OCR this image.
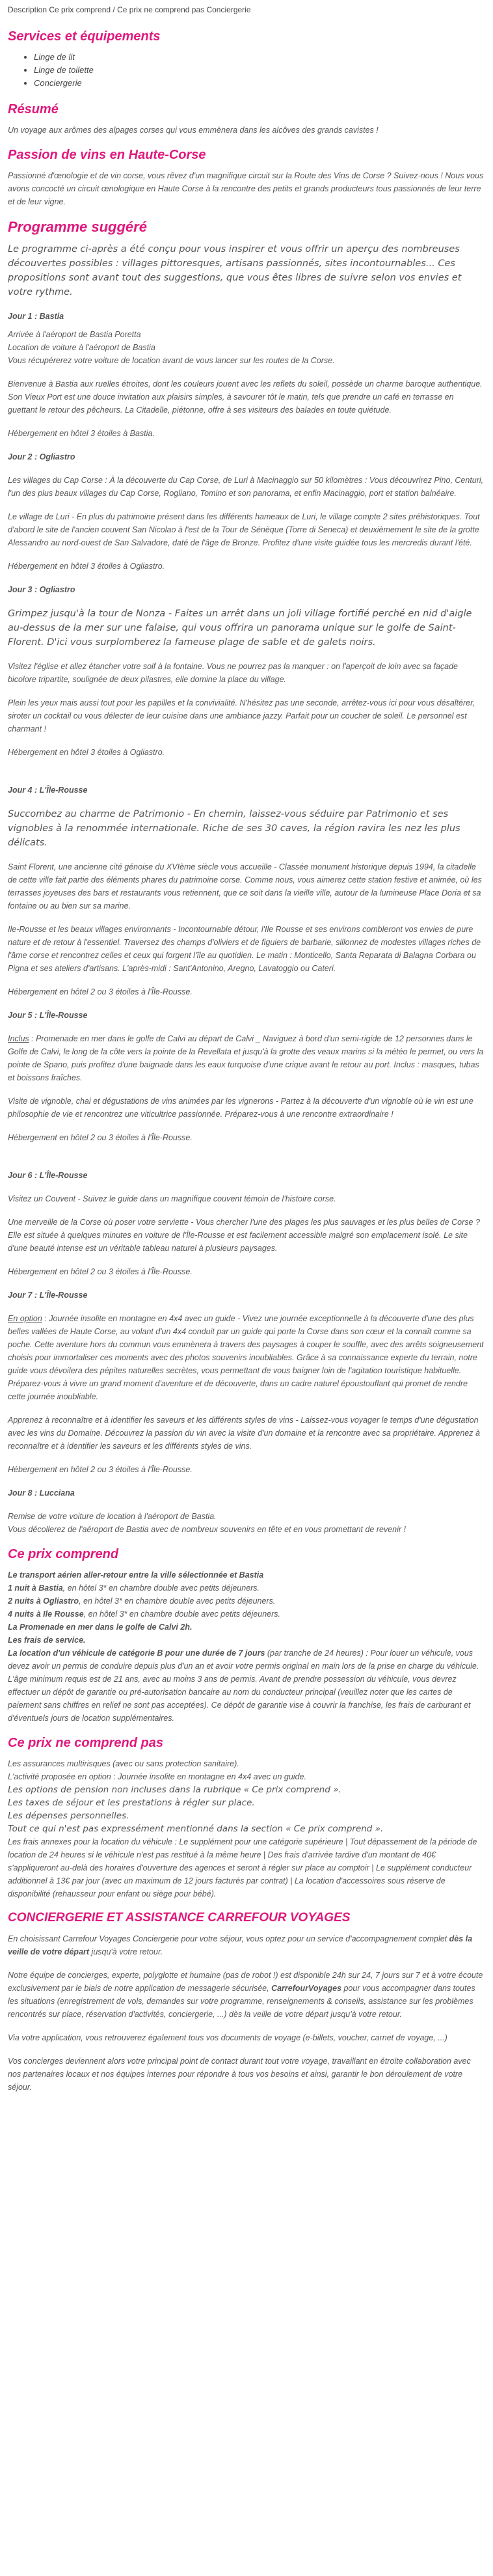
Description Ce prix comprend / Ce prix ne comprend pas Conciergerie
Services et équipements
• Linge de lit
• Linge de toilette
• Conciergerie
Résumé

Un voyage aux arômes des alpages corses qui vous emmènera dans les alcôves des grands cavistes !

Passion de vins en Haute-Corse

Passionné d'œnologie et de vin corse, vous rêvez d'un magnifique circuit sur la Route des Vins de Corse ? Suivez-nous ! Nous vous avons concocté un circuit œnologique en Haute Corse à la rencontre des petits et grands producteurs tous passionnés de leur terre et de leur vigne.

Programme suggéré

Le programme ci-après a été conçu pour vous inspirer et vous offrir un aperçu des nombreuses découvertes possibles : villages pittoresques, artisans passionnés, sites incontournables... Ces propositions sont avant tout des suggestions, que vous êtes libres de suivre selon vos envies et votre rythme.

Jour 1 : Bastia

Arrivée à l'aéroport de Bastia Poretta

Location de voiture à l'aéroport de Bastia

Vous récupérerez votre voiture de location avant de vous lancer sur les routes de la Corse.

Bienvenue à Bastia aux ruelles étroites, dont les couleurs jouent avec les reflets du soleil, possède un charme baroque authentique. Son Vieux Port est une douce invitation aux plaisirs simples, à savourer tôt le matin, tels que prendre un café en terrasse en guettant le retour des pêcheurs. La Citadelle, piétonne, offre à ses visiteurs des balades en toute quiétude.

Hébergement en hôtel 3 étoiles à Bastia.

Jour 2 : Ogliastro

Les villages du Cap Corse : À la découverte du Cap Corse, de Luri à Macinaggio sur 50 kilomètres : Vous découvrirez Pino, Centuri, l'un des plus beaux villages du Cap Corse, Rogliano, Tomino et son panorama, et enfin Macinaggio, port et station balnéaire.

Le village de Luri - En plus du patrimoine présent dans les différents hameaux de Luri, le village compte 2 sites préhistoriques. Tout d'abord le site de l'ancien couvent San Nicolao à l'est de la Tour de Sénèque (Torre di Seneca) et deuxièmement le site de la grotte Alessandro au nord-ouest de San Salvadore, daté de l'âge de Bronze. Profitez d'une visite guidée tous les mercredis durant l'été.

Hébergement en hôtel 3 étoiles à Ogliastro.

Jour 3 : Ogliastro

Grimpez jusqu'à la tour de Nonza - Faites un arrêt dans un joli village fortifié perché en nid d'aigle au-dessus de la mer sur une falaise, qui vous offrira un panorama unique sur le golfe de Saint-Florent. D'ici vous surplomberez la fameuse plage de sable et de galets noirs.

Visitez l'église et allez étancher votre soif à la fontaine. Vous ne pourrez pas la manquer : on l'aperçoit de loin avec sa façade bicolore tripartite, soulignée de deux pilastres, elle domine la place du village.

Plein les yeux mais aussi tout pour les papilles et la convivialité. N'hésitez pas une seconde, arrêtez-vous ici pour vous désaltérer, siroter un cocktail ou vous délecter de leur cuisine dans une ambiance jazzy. Parfait pour un coucher de soleil. Le personnel est charmant !

Hébergement en hôtel 3 étoiles à Ogliastro.

Jour 4 : L'Île-Rousse

Succombez au charme de Patrimonio - En chemin, laissez-vous séduire par Patrimonio et ses vignobles à la renommée internationale. Riche de ses 30 caves, la région ravira les nez les plus délicats.

Saint Florent, une ancienne cité génoise du XVIème siècle vous accueille - Classée monument historique depuis 1994, la citadelle de cette ville fait partie des éléments phares du patrimoine corse. Comme nous, vous aimerez cette station festive et animée, où les terrasses joyeuses des bars et restaurants vous retiennent, que ce soit dans la vieille ville, autour de la lumineuse Place Doria et sa fontaine ou au bien sur sa marine.

Ile-Rousse et les beaux villages environnants - Incontournable détour, l'Ile Rousse et ses environs combleront vos envies de pure nature et de retour à l'essentiel. Traversez des champs d'oliviers et de figuiers de barbarie, sillonnez de modestes villages riches de l'âme corse et rencontrez celles et ceux qui forgent l'île au quotidien. Le matin : Monticello, Santa Reparata di Balagna Corbara ou Pigna et ses ateliers d'artisans. L'après-midi : Sant'Antonino, Aregno, Lavatoggio ou Cateri.

Hébergement en hôtel 2 ou 3 étoiles à l'Île-Rousse.

Jour 5 : L'Île-Rousse

Inclus : Promenade en mer dans le golfe de Calvi au départ de Calvi _ Naviguez à bord d'un semi-rigide de 12 personnes dans le Golfe de Calvi, le long de la côte vers la pointe de la Revellata et jusqu'à la grotte des veaux marins si la météo le permet, ou vers la pointe de Spano, puis profitez d'une baignade dans les eaux turquoise d'une crique avant le retour au port. Inclus : masques, tubas et boissons fraîches.

Visite de vignoble, chai et dégustations de vins animées par les vignerons - Partez à la découverte d'un vignoble où le vin est une philosophie de vie et rencontrez une viticultrice passionnée. Préparez-vous à une rencontre extraordinaire !

Hébergement en hôtel 2 ou 3 étoiles à l'Île-Rousse.

Jour 6 : L'Île-Rousse

Visitez un Couvent - Suivez le guide dans un magnifique couvent témoin de l'histoire corse.

Une merveille de la Corse où poser votre serviette - Vous chercher l'une des plages les plus sauvages et les plus belles de Corse ? Elle est située à quelques minutes en voiture de l'Île-Rousse et est facilement accessible malgré son emplacement isolé. Le site d'une beauté intense est un véritable tableau naturel à plusieurs paysages.

Hébergement en hôtel 2 ou 3 étoiles à l'Île-Rousse.

Jour 7 : L'Île-Rousse

En option : Journée insolite en montagne en 4x4 avec un guide - Vivez une journée exceptionnelle à la découverte d'une des plus belles vallées de Haute Corse, au volant d'un 4x4 conduit par un guide qui porte la Corse dans son cœur et la connaît comme sa poche. Cette aventure hors du commun vous emmènera à travers des paysages à couper le souffle, avec des arrêts soigneusement choisis pour immortaliser ces moments avec des photos souvenirs inoubliables. Grâce à sa connaissance experte du terrain, notre guide vous dévoilera des pépites naturelles secrètes, vous permettant de vous baigner loin de l'agitation touristique habituelle. Préparez-vous à vivre un grand moment d'aventure et de découverte, dans un cadre naturel époustouflant qui promet de rendre cette journée inoubliable.

Apprenez à reconnaître et à identifier les saveurs et les différents styles de vins - Laissez-vous voyager le temps d'une dégustation avec les vins du Domaine. Découvrez la passion du vin avec la visite d'un domaine et la rencontre avec sa propriétaire. Apprenez à reconnaître et à identifier les saveurs et les différents styles de vins.

Hébergement en hôtel 2 ou 3 étoiles à l'Île-Rousse.

Jour 8 : Lucciana

Remise de votre voiture de location à l'aéroport de Bastia.

Vous décollerez de l'aéroport de Bastia avec de nombreux souvenirs en tête et en vous promettant de revenir !

Ce prix comprend

Le transport aérien aller-retour entre la ville sélectionnée et Bastia

1 nuit à Bastia, en hôtel 3* en chambre double avec petits déjeuners.

2 nuits à Ogliastro, en hôtel 3* en chambre double avec petits déjeuners.

4 nuits à Ile Rousse, en hôtel 3* en chambre double avec petits déjeuners.

La Promenade en mer dans le golfe de Calvi 2h.

Les frais de service.

La location d'un véhicule de catégorie B pour une durée de 7 jours (par tranche de 24 heures) : Pour louer un véhicule, vous devez avoir un permis de conduire depuis plus d'un an et avoir votre permis original en main lors de la prise en charge du véhicule. L'âge minimum requis est de 21 ans, avec au moins 3 ans de permis. Avant de prendre possession du véhicule, vous devrez effectuer un dépôt de garantie ou pré-autorisation bancaire au nom du conducteur principal (veuillez noter que les cartes de paiement sans chiffres en relief ne sont pas acceptées). Ce dépôt de garantie vise à couvrir la franchise, les frais de carburant et d'éventuels jours de location supplémentaires.

Ce prix ne comprend pas

Les assurances multirisques (avec ou sans protection sanitaire).

L'activité proposée en option : Journée insolite en montagne en 4x4 avec un guide.

Les options de pension non incluses dans la rubrique « Ce prix comprend ».

Les taxes de séjour et les prestations à régler sur place.

Les dépenses personnelles.

Tout ce qui n'est pas expressément mentionné dans la section « Ce prix comprend ».

Les frais annexes pour la location du véhicule : Le supplément pour une catégorie supérieure | Tout dépassement de la période de location de 24 heures si le véhicule n'est pas restitué à la même heure | Des frais d'arrivée tardive d'un montant de 40€ s'appliqueront au-delà des horaires d'ouverture des agences et seront à régler sur place au comptoir | Le supplément conducteur additionnel à 13€ par jour (avec un maximum de 12 jours facturés par contrat) | La location d'accessoires sous réserve de disponibilité (rehausseur pour enfant ou siège pour bébé).

CONCIERGERIE ET ASSISTANCE CARREFOUR VOYAGES

En choisissant Carrefour Voyages Conciergerie pour votre séjour, vous optez pour un service d'accompagnement complet dès la veille de votre départ jusqu'à votre retour.

Notre équipe de concierges, experte, polyglotte et humaine (pas de robot !) est disponible 24h sur 24, 7 jours sur 7 et à votre écoute exclusivement par le biais de notre application de messagerie sécurisée, CarrefourVoyages pour vous accompagner dans toutes les situations (enregistrement de vols, demandes sur votre programme, renseignements & conseils, assistance sur les problèmes rencontrés sur place, réservation d'activités, conciergerie, ...) dès la veille de votre départ jusqu'à votre retour.

Via votre application, vous retrouverez également tous vos documents de voyage (e-billets, voucher, carnet de voyage, ...)

Vos concierges deviennent alors votre principal point de contact durant tout votre voyage, travaillant en étroite collaboration avec nos partenaires locaux et nos équipes internes pour répondre à tous vos besoins et ainsi, garantir le bon déroulement de votre séjour.
